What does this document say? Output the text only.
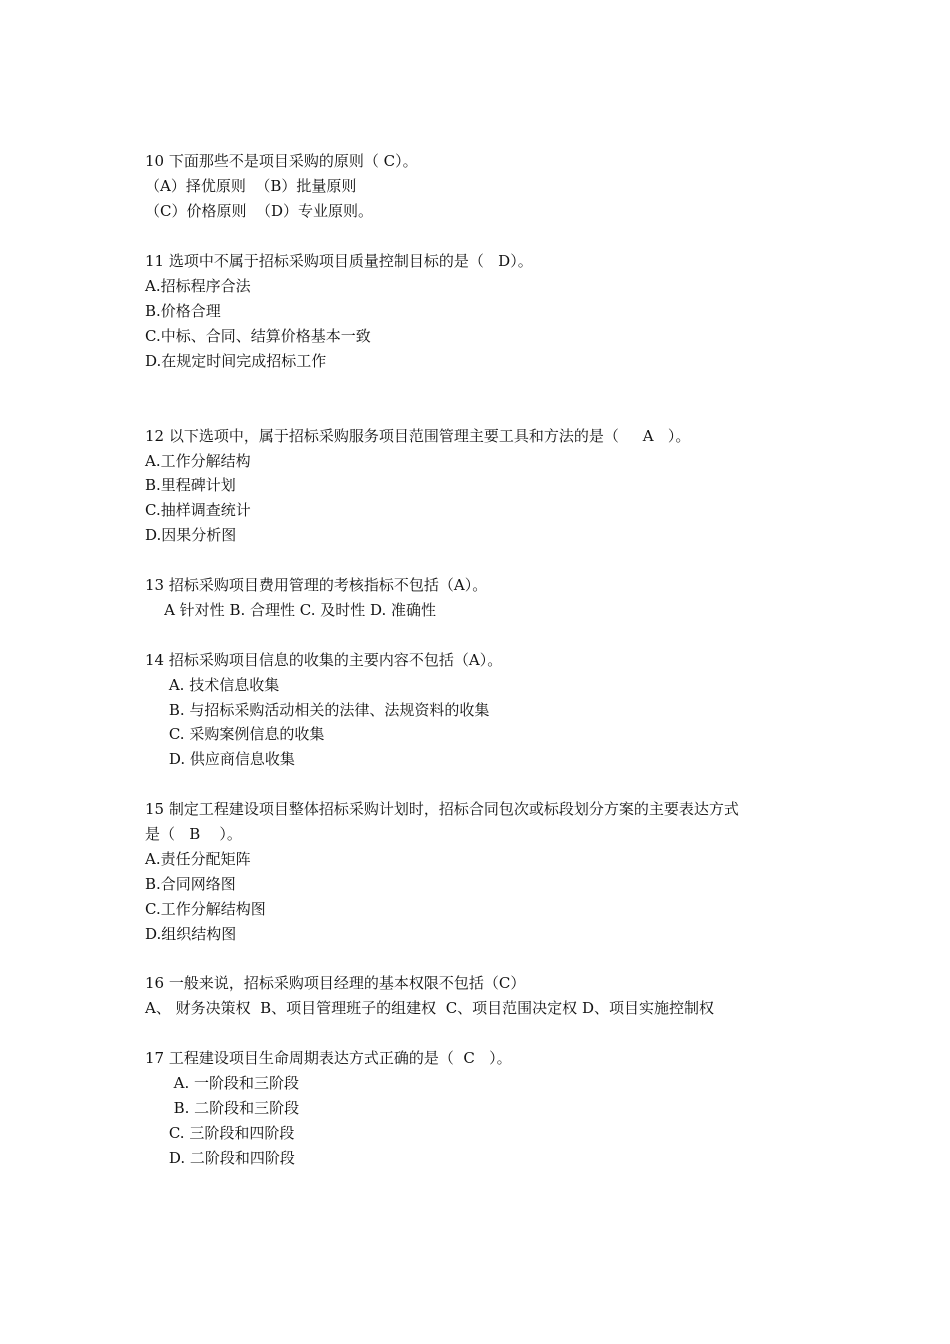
10 下面那些不是项目采购的原则（ C）。
（A）择优原则  （B）批量原则
（C）价格原则  （D）专业原则。
11 选项中不属于招标采购项目质量控制目标的是（   D）。
A.招标程序合法
B.价格合理
C.中标、合同、结算价格基本一致
D.在规定时间完成招标工作
12 以下选项中，属于招标采购服务项目范围管理主要工具和方法的是（     A   ）。
A.工作分解结构
B.里程碑计划
C.抽样调查统计
D.因果分析图
13 招标采购项目费用管理的考核指标不包括（A）。
A 针对性 B. 合理性 C. 及时性 D. 准确性
14 招标采购项目信息的收集的主要内容不包括（A）。
A. 技术信息收集
B. 与招标采购活动相关的法律、法规资料的收集
C. 采购案例信息的收集
D. 供应商信息收集
15 制定工程建设项目整体招标采购计划时，招标合同包次或标段划分方案的主要表达方式
是（   B    ）。
A.责任分配矩阵
B.合同网络图
C.工作分解结构图
D.组织结构图
16 一般来说，招标采购项目经理的基本权限不包括（C）
A、 财务决策权  B、项目管理班子的组建权  C、项目范围决定权 D、项目实施控制权
17 工程建设项目生命周期表达方式正确的是（  C   ）。
A. 一阶段和三阶段
B. 二阶段和三阶段
C. 三阶段和四阶段
D. 二阶段和四阶段
